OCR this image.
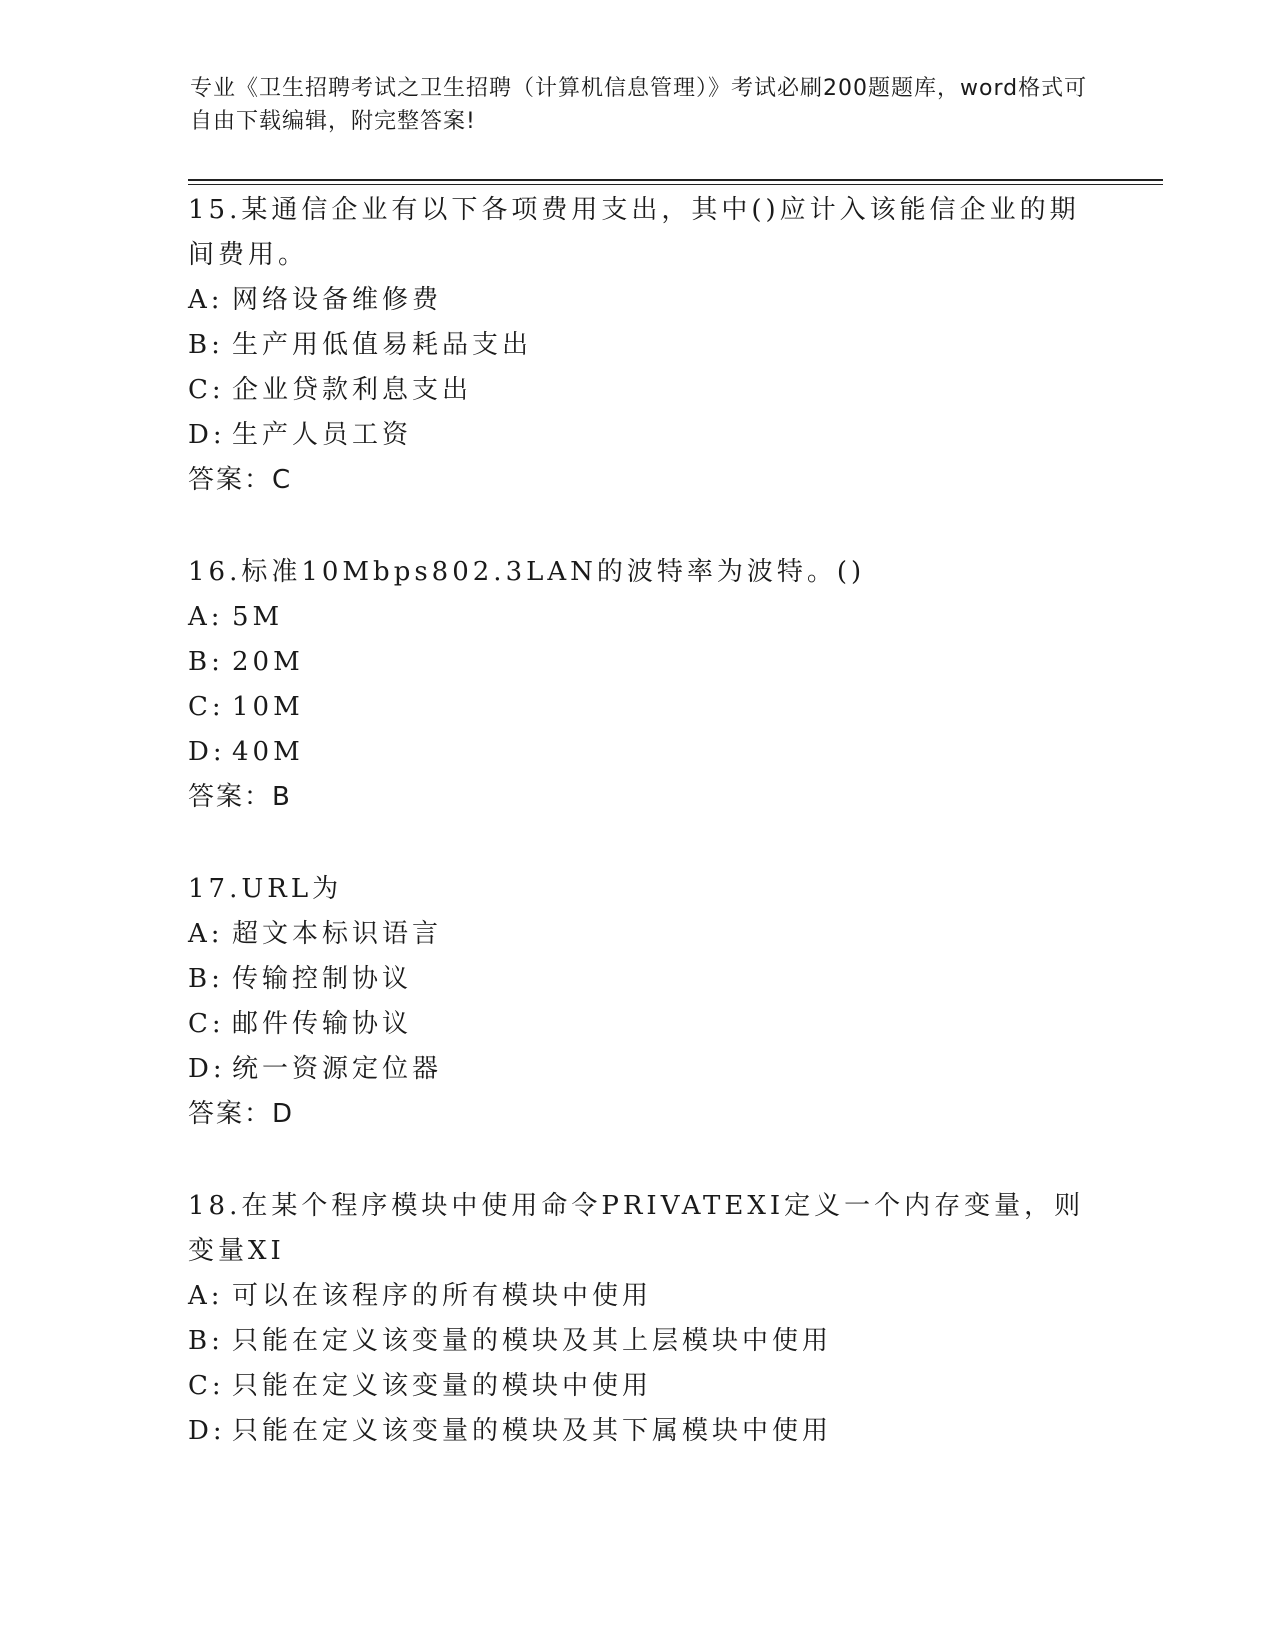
专业《卫生招聘考试之卫生招聘（计算机信息管理）》考试必刷200题题库，word格式可自由下载编辑，附完整答案!

15.某通信企业有以下各项费用支出，其中()应计入该能信企业的期间费用。

A: 网络设备维修费

B: 生产用低值易耗品支出

C: 企业贷款利息支出

D: 生产人员工资

答案：C

16.标准10Mbps802.3LAN的波特率为波特。()

A: 5M

B: 20M

C: 10M

D: 40M

答案：B

17.URL为

A: 超文本标识语言

B: 传输控制协议

C: 邮件传输协议

D: 统一资源定位器

答案：D

18.在某个程序模块中使用命令PRIVATEXI定义一个内存变量，则变量XI

A: 可以在该程序的所有模块中使用

B: 只能在定义该变量的模块及其上层模块中使用

C: 只能在定义该变量的模块中使用

D: 只能在定义该变量的模块及其下属模块中使用
